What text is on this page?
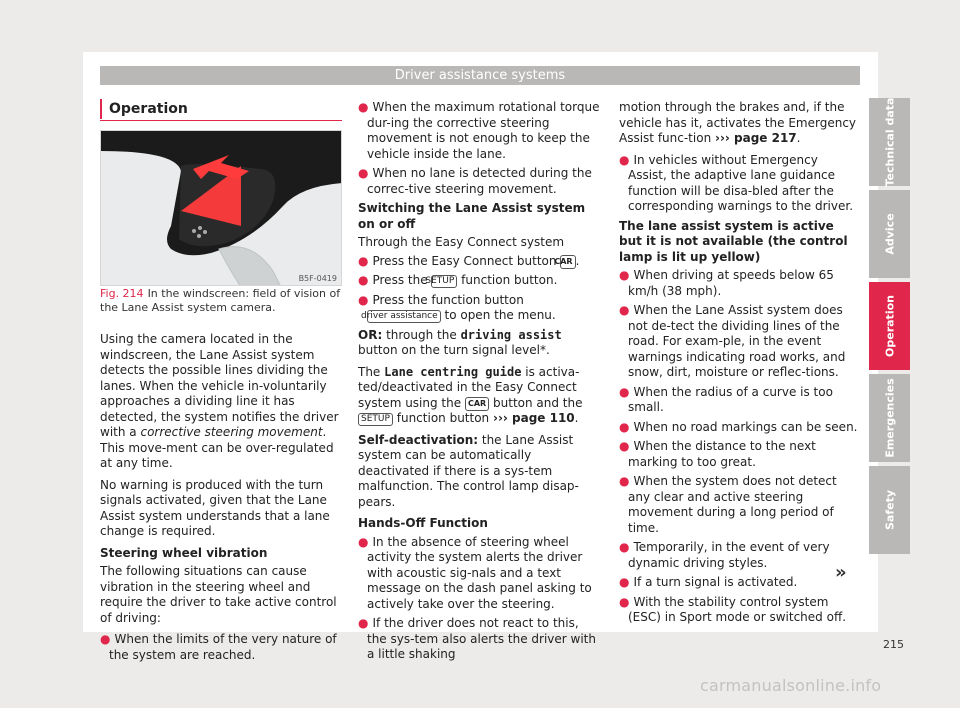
Driver assistance systems
Operation
B5F-0419
Fig. 214 In the windscreen: field of vision of the Lane Assist system camera.

Using the camera located in the windscreen, the Lane Assist system detects the possible lines dividing the lanes. When the vehicle in-voluntarily approaches a dividing line it has detected, the system notifies the driver with a corrective steering movement. This move-ment can be over-regulated at any time.

No warning is produced with the turn signals activated, given that the Lane Assist system understands that a lane change is required.

Steering wheel vibration

The following situations can cause vibration in the steering wheel and require the driver to take active control of driving:

● When the limits of the very nature of the system are reached.

● When the maximum rotational torque dur-ing the corrective steering movement is not enough to keep the vehicle inside the lane.

● When no lane is detected during the correc-tive steering movement.

Switching the Lane Assist system on or off

Through the Easy Connect system

● Press the Easy Connect button CAR .

● Press the SETUP function button.

● Press the function button driver assistance to open the menu.

OR: through the driving assist button on the turn signal level*.

The Lane centring guide is activa-ted/deactivated in the Easy Connect system using the CAR button and the SETUP function button ››› page 110.

Self-deactivation: the Lane Assist system can be automatically deactivated if there is a sys-tem malfunction. The control lamp disap-pears.

Hands-Off Function

● In the absence of steering wheel activity the system alerts the driver with acoustic sig-nals and a text message on the dash panel asking to actively take over the steering.

● If the driver does not react to this, the sys-tem also alerts the driver with a little shaking

motion through the brakes and, if the vehicle has it, activates the Emergency Assist func-tion ››› page 217.

● In vehicles without Emergency Assist, the adaptive lane guidance function will be disa-bled after the corresponding warnings to the driver.

The lane assist system is active but it is not available (the control lamp is lit up yellow)

● When driving at speeds below 65 km/h (38 mph).

● When the Lane Assist system does not de-tect the dividing lines of the road. For exam-ple, in the event warnings indicating road works, and snow, dirt, moisture or reflec-tions.

● When the radius of a curve is too small.

● When no road markings can be seen.

● When the distance to the next marking to too great.

● When the system does not detect any clear and active steering movement during a long period of time.

● Temporarily, in the event of very dynamic driving styles.

● If a turn signal is activated.

● With the stability control system (ESC) in Sport mode or switched off.

»
Technical data
Advice
Operation
Emergencies
Safety
215
carmanualsonline.info
